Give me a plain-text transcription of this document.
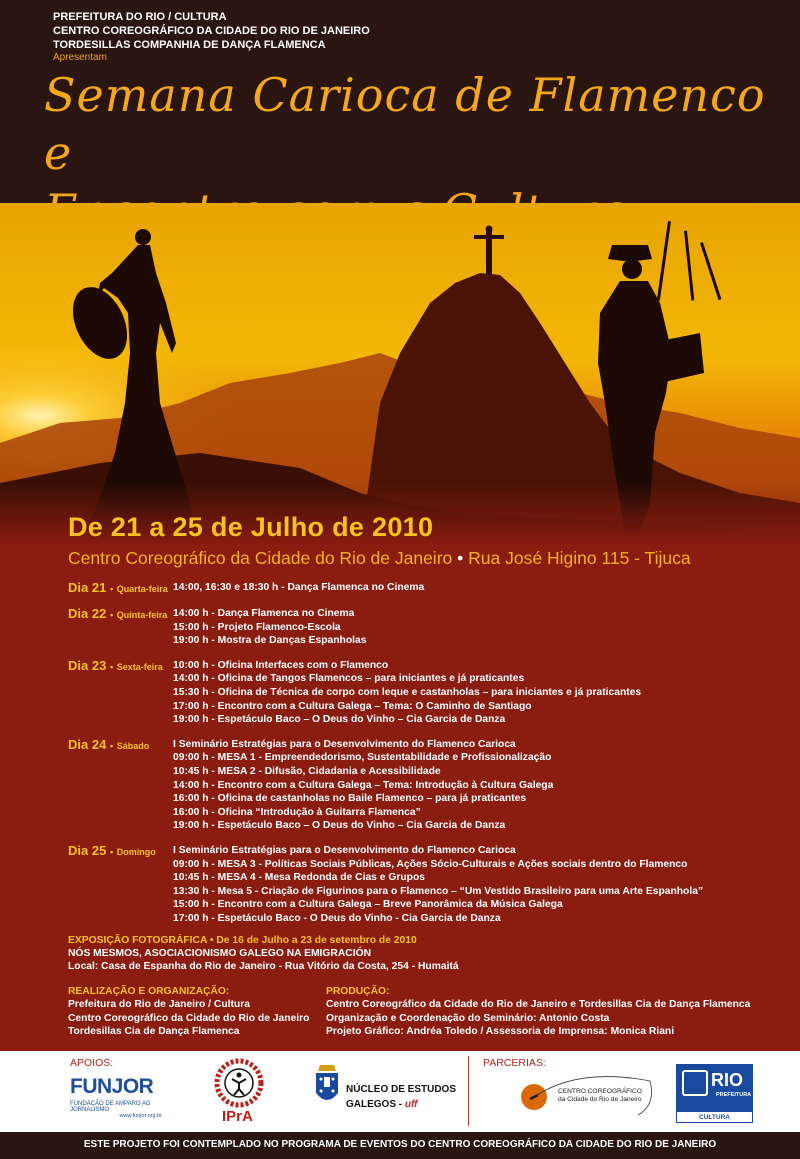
PREFEITURA DO RIO / CULTURA
CENTRO COREOGRÁFICO DA CIDADE DO RIO DE JANEIRO
TORDESILLAS COMPANHIA DE DANÇA FLAMENCA
Apresentam
Semana Carioca de Flamenco e
De 21 a 25 de Julho de 2010
Centro Coreográfico da Cidade do Rio de Janeiro • Rua José Higino 115 - Tijuca
Dia 21 • Quarta-feira 14:00, 16:30 e 18:30 h - Dança Flamenca no Cinema
Dia 22 • Quinta-feira 14:00 h - Dança Flamenca no Cinema
15:00 h - Projeto Flamenco-Escola
19:00 h - Mostra de Danças Espanholas
Dia 23 • Sexta-feira 10:00 h - Oficina Interfaces com o Flamenco
14:00 h - Oficina de Tangos Flamencos – para iniciantes e já praticantes
15:30 h - Oficina de Técnica de corpo com leque e castanholas – para iniciantes e já praticantes
17:00 h - Encontro com a Cultura Galega – Tema: O Caminho de Santiago
19:00 h - Espetáculo Baco – O Deus do Vinho – Cia Garcia de Danza
Dia 24 • Sábado	I Seminário Estratégias para o Desenvolvimento do Flamenco Carioca
09:00 h - MESA 1 - Empreendedorismo, Sustentabilidade e Profissionalização
10:45 h - MESA 2 - Difusão, Cidadania e Acessibilidade
14:00 h - Encontro com a Cultura Galega – Tema: Introdução à Cultura Galega
16:00 h - Oficina de castanholas no Baile Flamenco – para já praticantes
16:00 h - Oficina “Introdução à Guitarra Flamenca”
19:00 h - Espetáculo Baco – O Deus do Vinho – Cia Garcia de Danza
Dia 25 • Domingo	I Seminário Estratégias para o Desenvolvimento do Flamenco Carioca
09:00 h - MESA 3 - Políticas Sociais Públicas, Ações Sócio-Culturais e Ações sociais dentro do Flamenco
10:45 h - MESA 4 - Mesa Redonda de Cias e Grupos
13:30 h - Mesa 5 - Criação de Figurinos para o Flamenco – “Um Vestido Brasileiro para uma Arte Espanhola”
15:00 h - Encontro com a Cultura Galega – Breve Panorâmica da Música Galega
17:00 h - Espetáculo Baco - O Deus do Vinho - Cia Garcia de Danza
EXPOSIÇÃO FOTOGRÁFICA • De 16 de Julho a 23 de setembro de 2010
NÓS MESMOS, ASOCIACIONISMO GALEGO NA EMIGRACIÓN
Local: Casa de Espanha do Rio de Janeiro - Rua Vitório da Costa, 254 - Humaitá
REALIZAÇÃO E ORGANIZAÇÃO:
Prefeitura do Rio de Janeiro / Cultura
Centro Coreográfico da Cidade do Rio de Janeiro
Tordesillas Cia de Dança Flamenca
PRODUÇÃO:
Centro Coreográfico da Cidade do Rio de Janeiro e Tordesillas Cia de Dança Flamenca
Organização e Coordenação do Seminário: Antonio Costa
Projeto Gráfico: Andréa Toledo / Assessoria de Imprensa: Monica Riani
APOIOS:	PARCERIAS:
FUNJOR
FUNDAÇÃO DE AMPARO AO JORNALISMO
www.funjor.org.br	IPrA
NÚCLEO DE ESTUDOS
GALEGOS - uff
CENTRO COREOGRÁFICO
da Cidade do Rio de Janeiro
RIO
PREFEITURA
CULTURA
ESTE PROJETO FOI CONTEMPLADO NO PROGRAMA DE EVENTOS DO CENTRO COREOGRÁFICO DA CIDADE DO RIO DE JANEIRO
